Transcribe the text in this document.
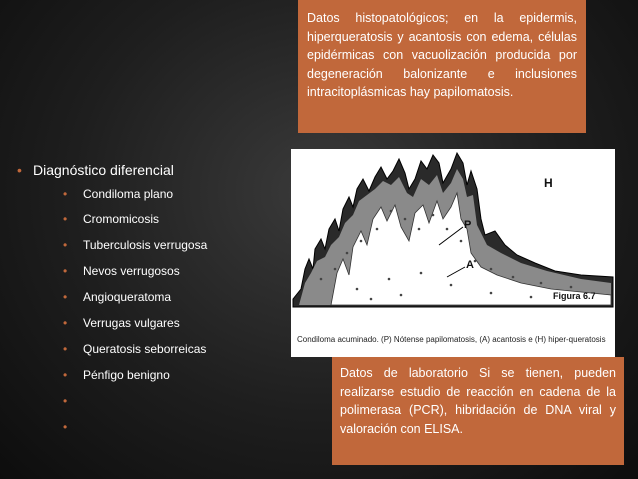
Datos histopatológicos; en la epidermis, hiperqueratosis y acantosis con edema, células epidérmicas con vacuolización producida por degeneración balonizante e inclusiones intracitoplásmicas hay papilomatosis.
• Diagnóstico diferencial
• Condiloma plano
• Cromomicosis
• Tuberculosis verrugosa
• Nevos verrugosos
• Angioqueratoma
• Verrugas vulgares
• Queratosis seborreicas
• Pénfigo benigno
•
•
H
P
A
Figura 6.7
Condiloma acuminado. (P) Nótense papilomatosis, (A) acantosis e (H) hiper-queratosis
Datos de laboratorio Si se tienen, pueden realizarse estudio de reacción en cadena de la polimerasa (PCR), hibridación de DNA viral y valoración con ELISA.
